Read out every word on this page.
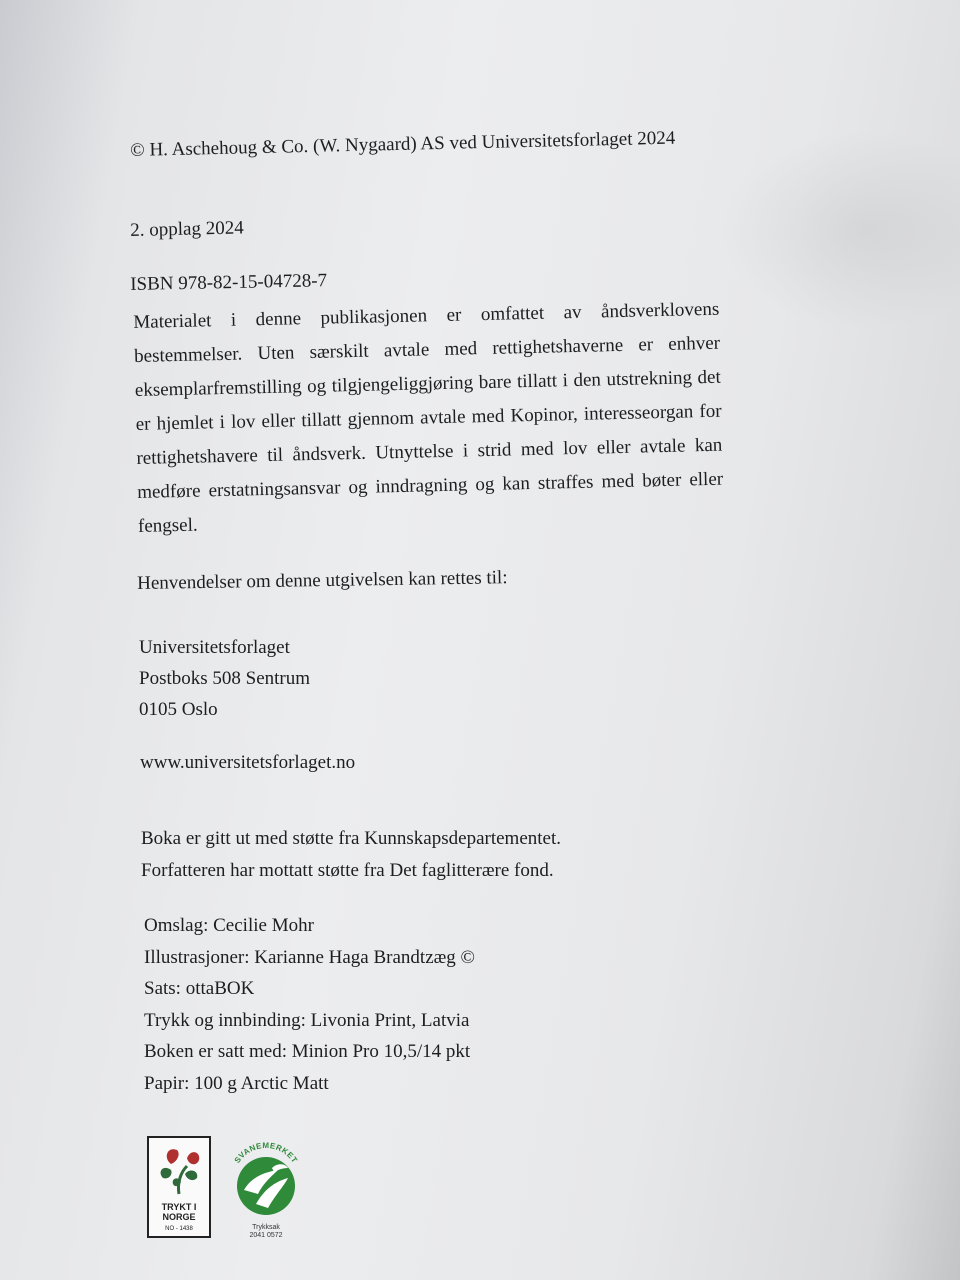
© H. Aschehoug & Co. (W. Nygaard) AS ved Universitetsforlaget 2024
2. opplag 2024
ISBN 978-82-15-04728-7
Materialet i denne publikasjonen er omfattet av åndsverklovens bestemmelser. Uten særskilt avtale med rettighetshaverne er enhver eksemplarfremstilling og tilgjengeliggjøring bare tillatt i den utstrekning det er hjemlet i lov eller tillatt gjennom avtale med Kopinor, interesseorgan for rettighetshavere til åndsverk. Utnyttelse i strid med lov eller avtale kan medføre erstatningsansvar og inndragning og kan straffes med bøter eller fengsel.
Henvendelser om denne utgivelsen kan rettes til:
Universitetsforlaget
Postboks 508 Sentrum
0105 Oslo
www.universitetsforlaget.no
Boka er gitt ut med støtte fra Kunnskapsdepartementet.
Forfatteren har mottatt støtte fra Det faglitterære fond.
Omslag: Cecilie Mohr
Illustrasjoner: Karianne Haga Brandtzæg ©
Sats: ottaBOK
Trykk og innbinding: Livonia Print, Latvia
Boken er satt med: Minion Pro 10,5/14 pkt
Papir: 100 g Arctic Matt
TRYKT I
NORGE
NO - 1438
SVANEMERKET
Trykksak
2041 0572
